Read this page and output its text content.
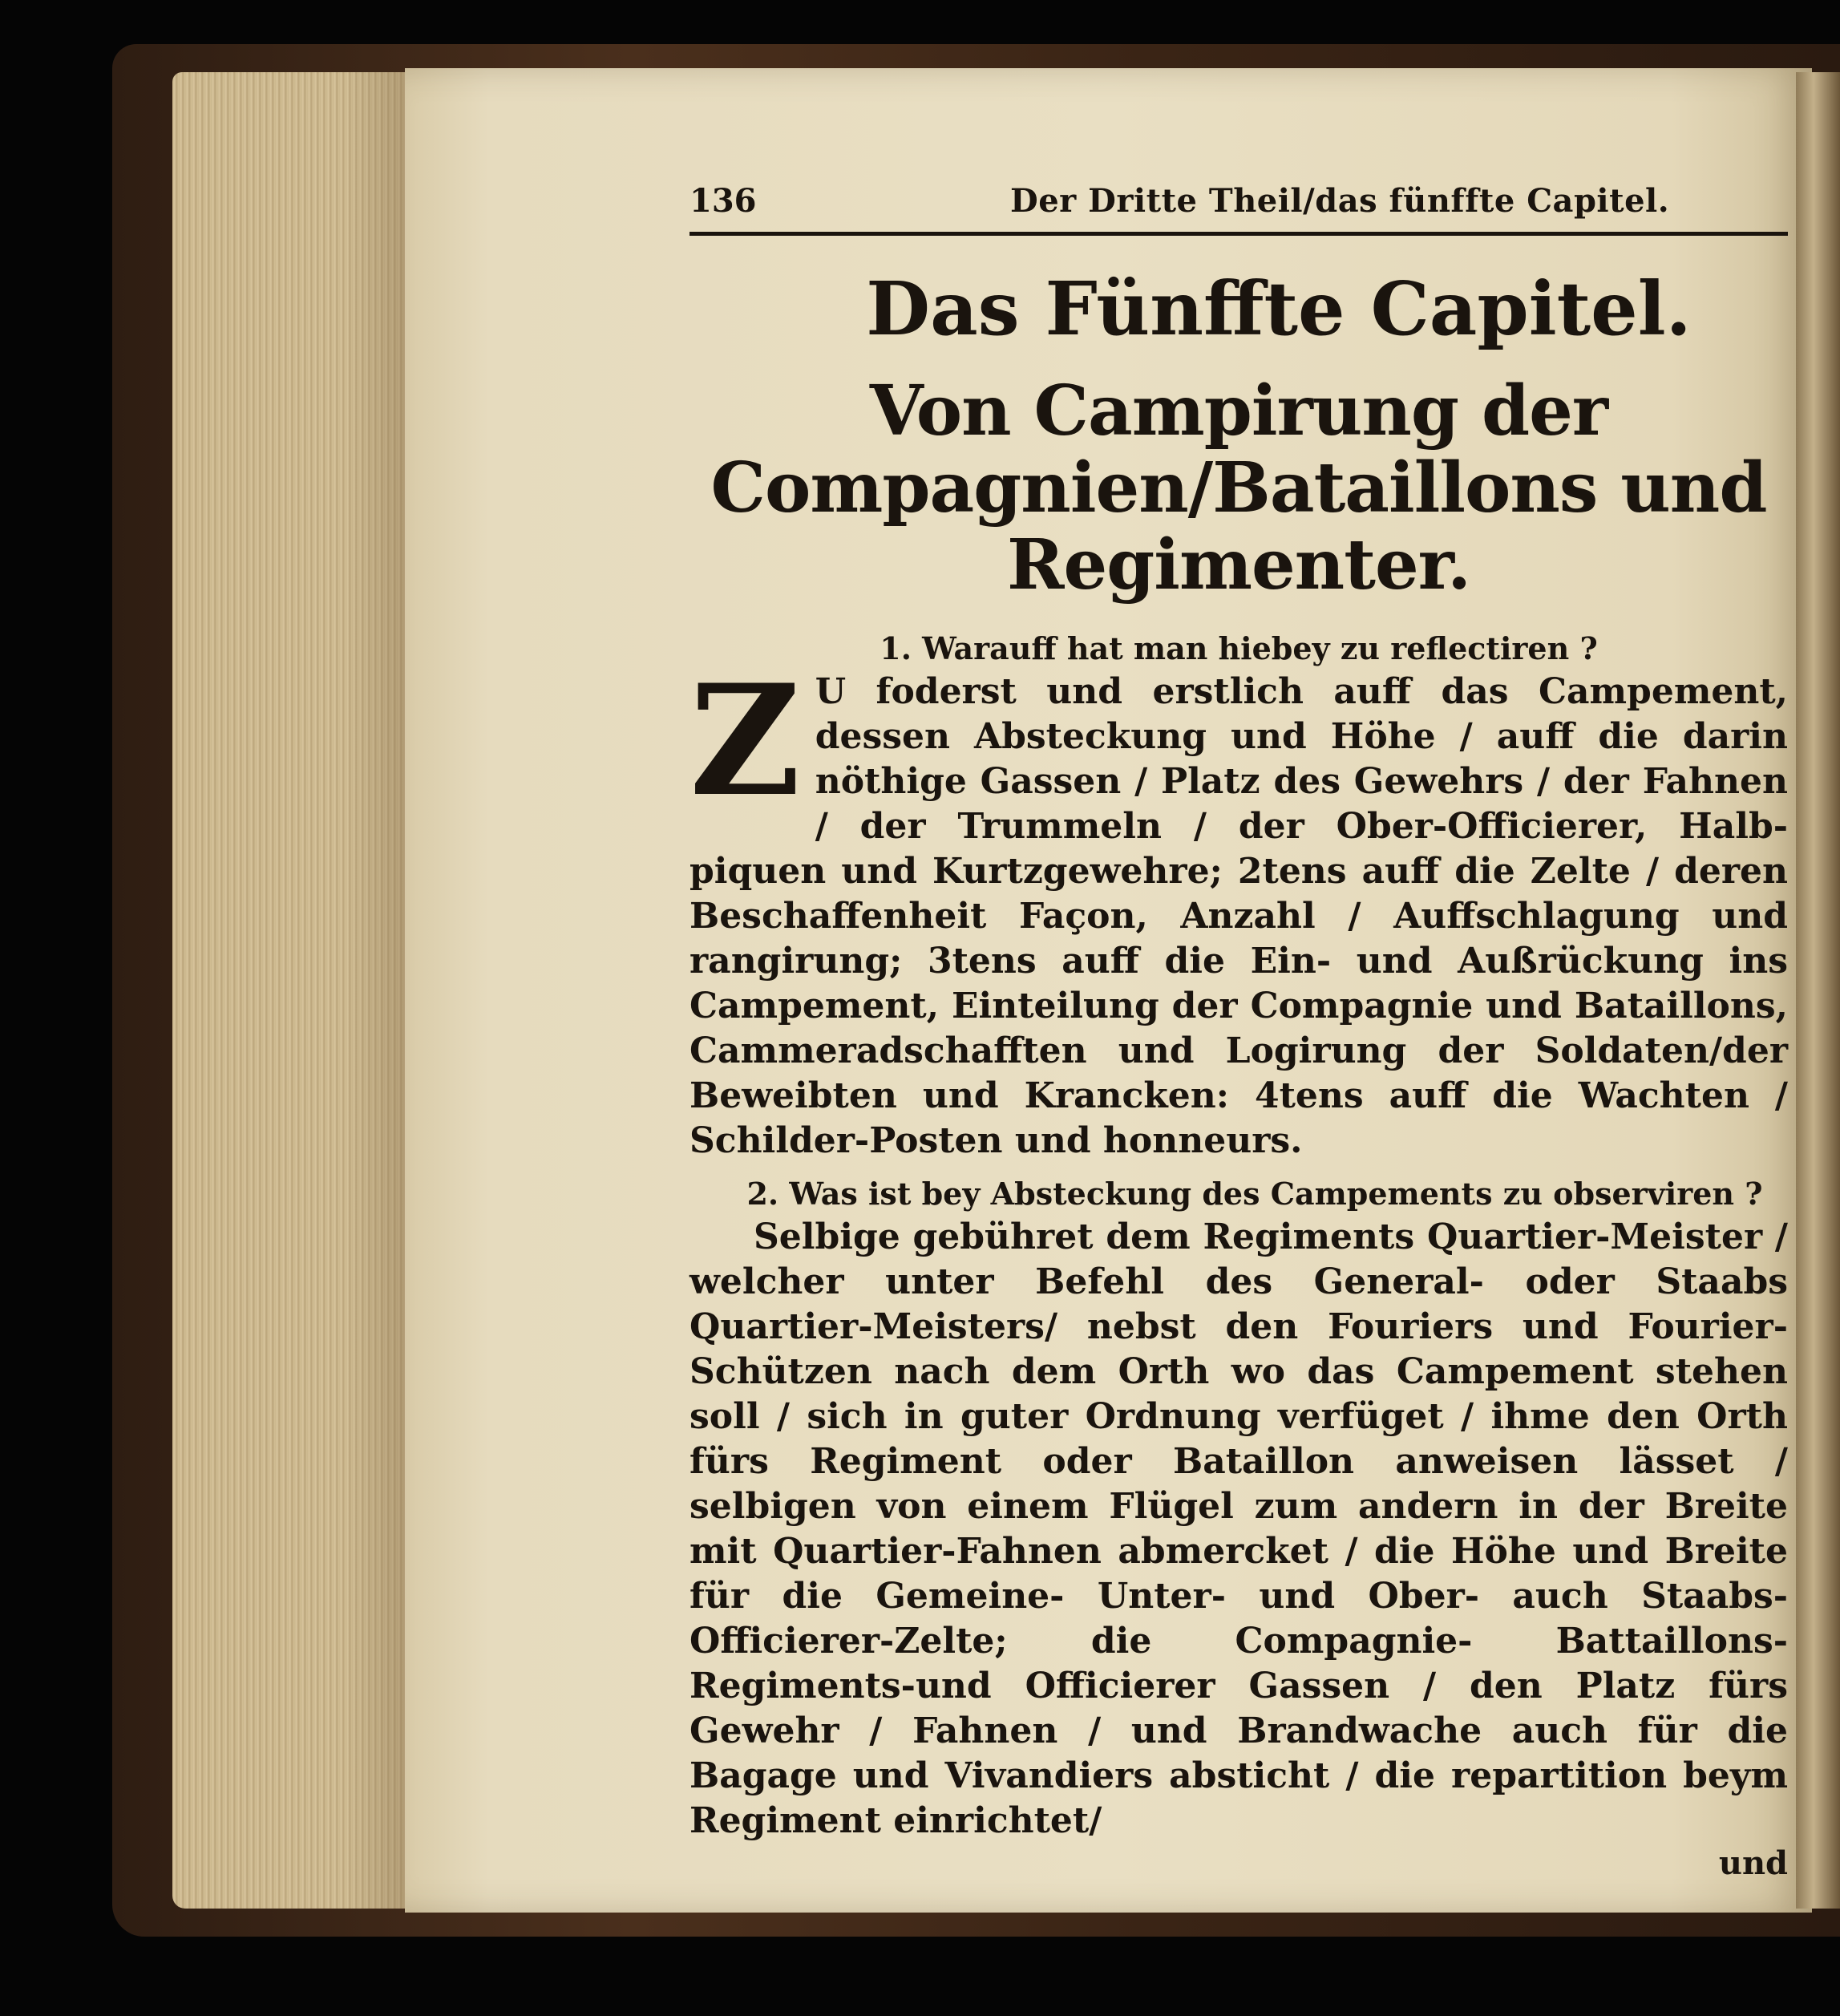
136	Der Dritte Theil/das fünffte Capitel.
Das Fünffte Capitel.
Von Campirung der Compagnien/Bataillons und Regimenter.
1. Warauff hat man hiebey zu reflectiren ?
Z U foderst und erstlich auff das Campement, dessen Absteckung und Höhe / auff die darin nöthige Gassen / Platz des Gewehrs / der Fahnen / der Trummeln / der Ober-Officierer, Halb-piquen und Kurtzgewehre; 2tens auff die Zelte / deren Beschaffenheit Façon, Anzahl / Auffschlagung und rangirung; 3tens auff die Ein- und Außrückung ins Campement, Einteilung der Compagnie und Bataillons, Cammeradschafften und Logirung der Soldaten/der Beweibten und Krancken: 4tens auff die Wachten / Schilder-Posten und honneurs.
2. Was ist bey Absteckung des Campements zu observiren ?
Selbige gebühret dem Regiments Quartier-Meister / welcher unter Befehl des General- oder Staabs Quartier-Meisters/ nebst den Fouriers und Fourier-Schützen nach dem Orth wo das Campement stehen soll / sich in guter Ordnung verfüget / ihme den Orth fürs Regiment oder Bataillon anweisen lässet / selbigen von einem Flügel zum andern in der Breite mit Quartier-Fahnen abmercket / die Höhe und Breite für die Gemeine- Unter- und Ober- auch Staabs-Officierer-Zelte; die Compagnie- Battaillons-Regiments-und Officierer Gassen / den Platz fürs Gewehr / Fahnen / und Brandwache auch für die Bagage und Vivandiers absticht / die repartition beym Regiment einrichtet/
und
